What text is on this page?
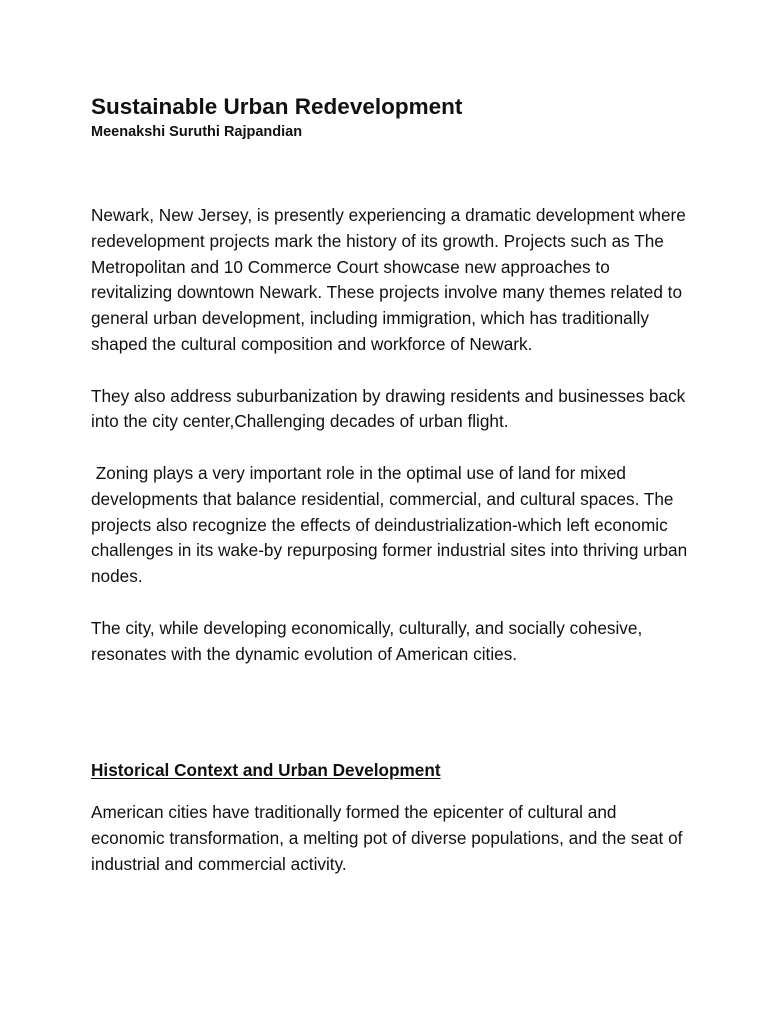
Sustainable Urban Redevelopment

Meenakshi Suruthi Rajpandian

Newark, New Jersey, is presently experiencing a dramatic development where redevelopment projects mark the history of its growth. Projects such as The Metropolitan and 10 Commerce Court showcase new approaches to revitalizing downtown Newark. These projects involve many themes related to general urban development, including immigration, which has traditionally shaped the cultural composition and workforce of Newark.

They also address suburbanization by drawing residents and businesses back into the city center,Challenging decades of urban flight.

Zoning plays a very important role in the optimal use of land for mixed developments that balance residential, commercial, and cultural spaces. The projects also recognize the effects of deindustrialization-which left economic challenges in its wake-by repurposing former industrial sites into thriving urban nodes.

The city, while developing economically, culturally, and socially cohesive, resonates with the dynamic evolution of American cities.

Historical Context and Urban Development

American cities have traditionally formed the epicenter of cultural and economic transformation, a melting pot of diverse populations, and the seat of industrial and commercial activity.
